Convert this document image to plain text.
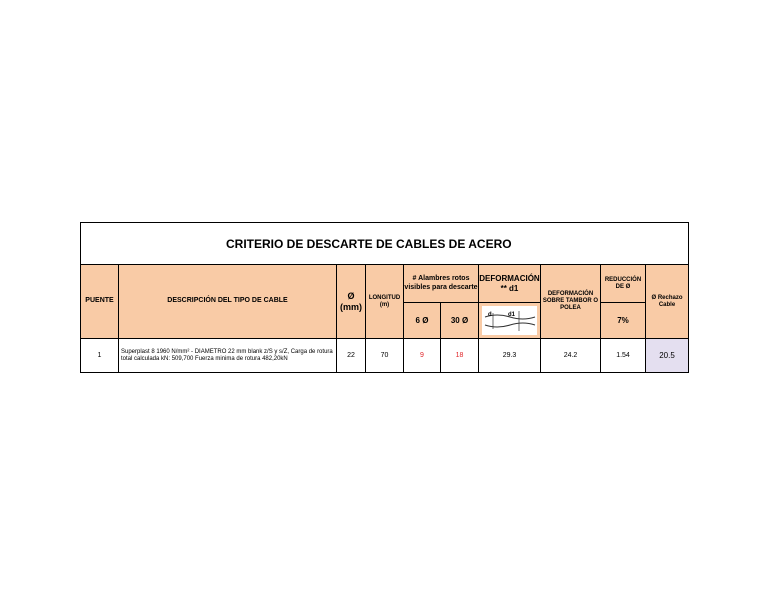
CRITERIO DE DESCARTE DE CABLES DE ACERO									
PUENTE	DESCRIPCIÓN DEL TIPO DE CABLE	Ø (mm)	LONGITUD (m)	# Alambres rotos visibles para descarte		DEFORMACIÓN ** d1	DEFORMACIÓN SOBRE TAMBOR O POLEA	REDUCCIÓN DE Ø	Ø Rechazo Cable
				6 Ø	30 Ø	d d1		7%	
1	Superplast 8 1960 N/mm² - DIAMETRO 22 mm blank z/S y s/Z, Carga de rotura total calculada kN: 509,700 Fuerza minima de rotura 482,20kN	22	70	9	18	29.3	24.2	1.54	20.5
